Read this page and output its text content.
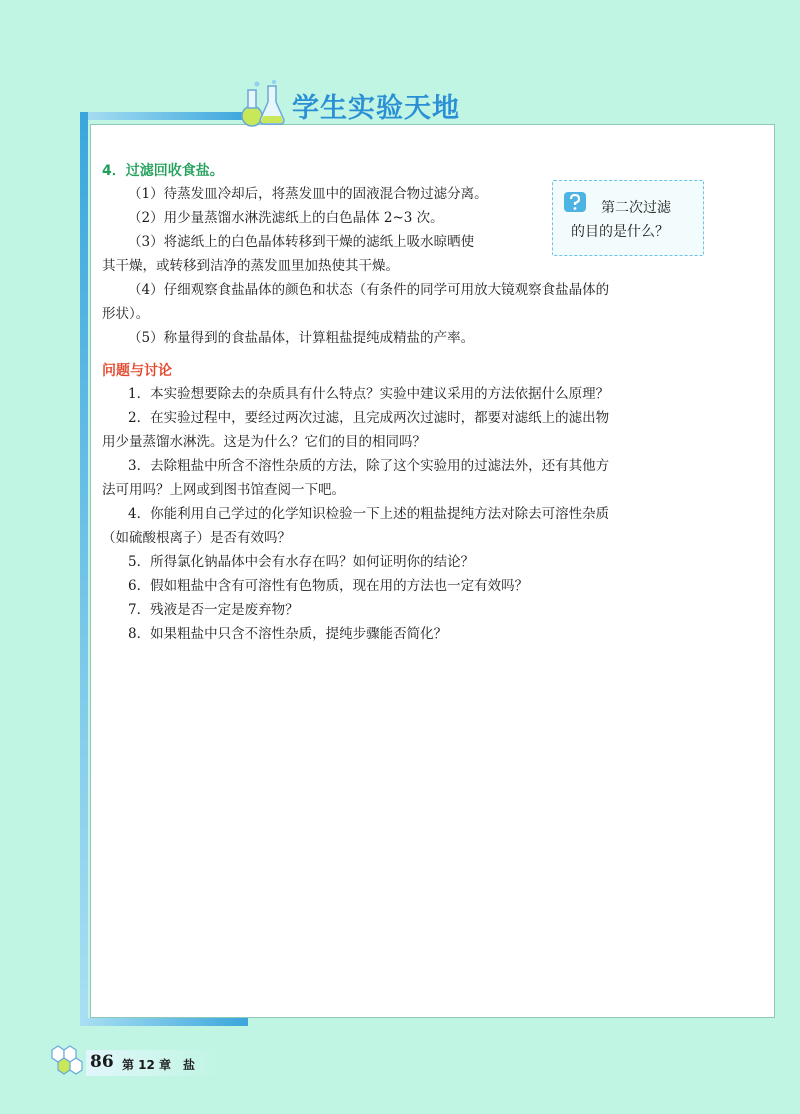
学生实验天地
4．过滤回收食盐。
（1）待蒸发皿冷却后，将蒸发皿中的固液混合物过滤分离。
（2）用少量蒸馏水淋洗滤纸上的白色晶体 2~3 次。
（3）将滤纸上的白色晶体转移到干燥的滤纸上吸水晾晒使
其干燥，或转移到洁净的蒸发皿里加热使其干燥。
（4）仔细观察食盐晶体的颜色和状态（有条件的同学可用放大镜观察食盐晶体的
形状）。
（5）称量得到的食盐晶体，计算粗盐提纯成精盐的产率。
问题与讨论
1．本实验想要除去的杂质具有什么特点？实验中建议采用的方法依据什么原理？
2．在实验过程中，要经过两次过滤，且完成两次过滤时，都要对滤纸上的滤出物
用少量蒸馏水淋洗。这是为什么？它们的目的相同吗？
3．去除粗盐中所含不溶性杂质的方法，除了这个实验用的过滤法外，还有其他方
法可用吗？上网或到图书馆查阅一下吧。
4．你能利用自己学过的化学知识检验一下上述的粗盐提纯方法对除去可溶性杂质
（如硫酸根离子）是否有效吗？
5．所得氯化钠晶体中会有水存在吗？如何证明你的结论？
6．假如粗盐中含有可溶性有色物质，现在用的方法也一定有效吗？
7．残液是否一定是废弃物？
8．如果粗盐中只含不溶性杂质，提纯步骤能否简化？
第二次过滤
的目的是什么？
86 第 12 章　盐
